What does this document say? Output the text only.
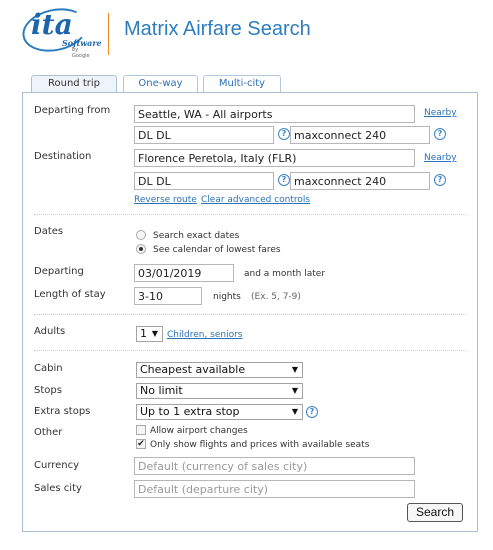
ita
Software
by Google
Matrix Airfare Search
Round trip	One-way	Multi-city
Departing from	Seattle, WA - All airports	Nearby
DL DL	? maxconnect 240	?
Destination	Florence Peretola, Italy (FLR)	Nearby
DL DL	? maxconnect 240	?
Reverse route Clear advanced controls
Dates	Search exact dates
See calendar of lowest fares
Departing	03/01/2019	and a month later
Length of stay	3-10	nights (Ex. 5, 7-9)
Adults	1 ▼ Children, seniors
Cabin	Cheapest available	▼
Stops	No limit	▼
Extra stops	Up to 1 extra stop	▼	?
Other	Allow airport changes
✔ Only show flights and prices with available seats
Currency	Default (currency of sales city)
Sales city	Default (departure city)
Search
